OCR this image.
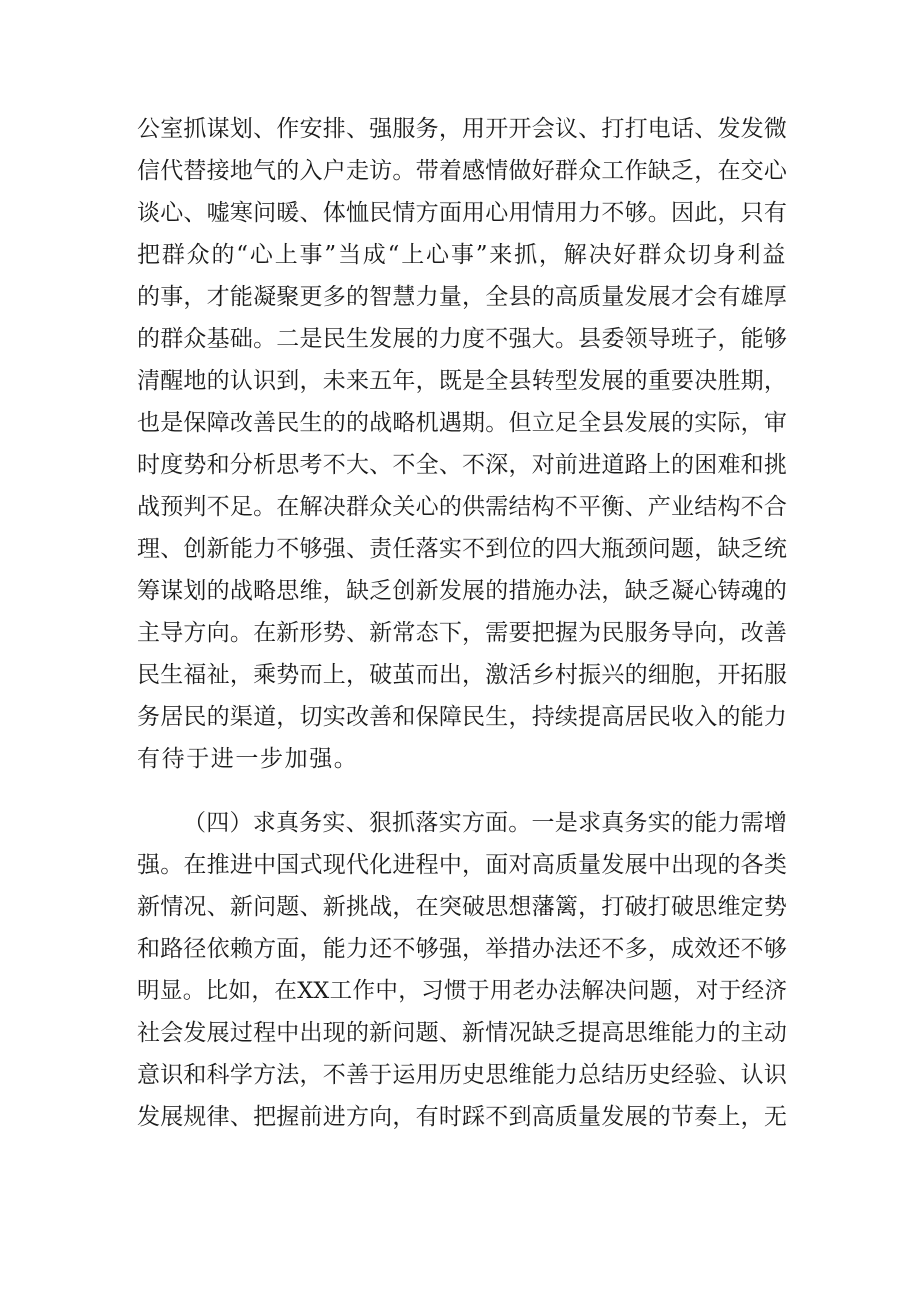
公室抓谋划、作安排、强服务，用开开会议、打打电话、发发微
信代替接地气的入户走访。带着感情做好群众工作缺乏，在交心
谈心、嘘寒问暖、体恤民情方面用心用情用力不够。因此，只有
把群众的“心上事”当成“上心事”来抓，解决好群众切身利益
的事，才能凝聚更多的智慧力量，全县的高质量发展才会有雄厚
的群众基础。二是民生发展的力度不强大。县委领导班子，能够
清醒地的认识到，未来五年，既是全县转型发展的重要决胜期，
也是保障改善民生的的战略机遇期。但立足全县发展的实际，审
时度势和分析思考不大、不全、不深，对前进道路上的困难和挑
战预判不足。在解决群众关心的供需结构不平衡、产业结构不合
理、创新能力不够强、责任落实不到位的四大瓶颈问题，缺乏统
筹谋划的战略思维，缺乏创新发展的措施办法，缺乏凝心铸魂的
主导方向。在新形势、新常态下，需要把握为民服务导向，改善
民生福祉，乘势而上，破茧而出，激活乡村振兴的细胞，开拓服
务居民的渠道，切实改善和保障民生，持续提高居民收入的能力
有待于进一步加强。
（四）求真务实、狠抓落实方面。一是求真务实的能力需增
强。在推进中国式现代化进程中，面对高质量发展中出现的各类
新情况、新问题、新挑战，在突破思想藩篱，打破打破思维定势
和路径依赖方面，能力还不够强，举措办法还不多，成效还不够
明显。比如，在XX工作中，习惯于用老办法解决问题，对于经济
社会发展过程中出现的新问题、新情况缺乏提高思维能力的主动
意识和科学方法，不善于运用历史思维能力总结历史经验、认识
发展规律、把握前进方向，有时踩不到高质量发展的节奏上，无
